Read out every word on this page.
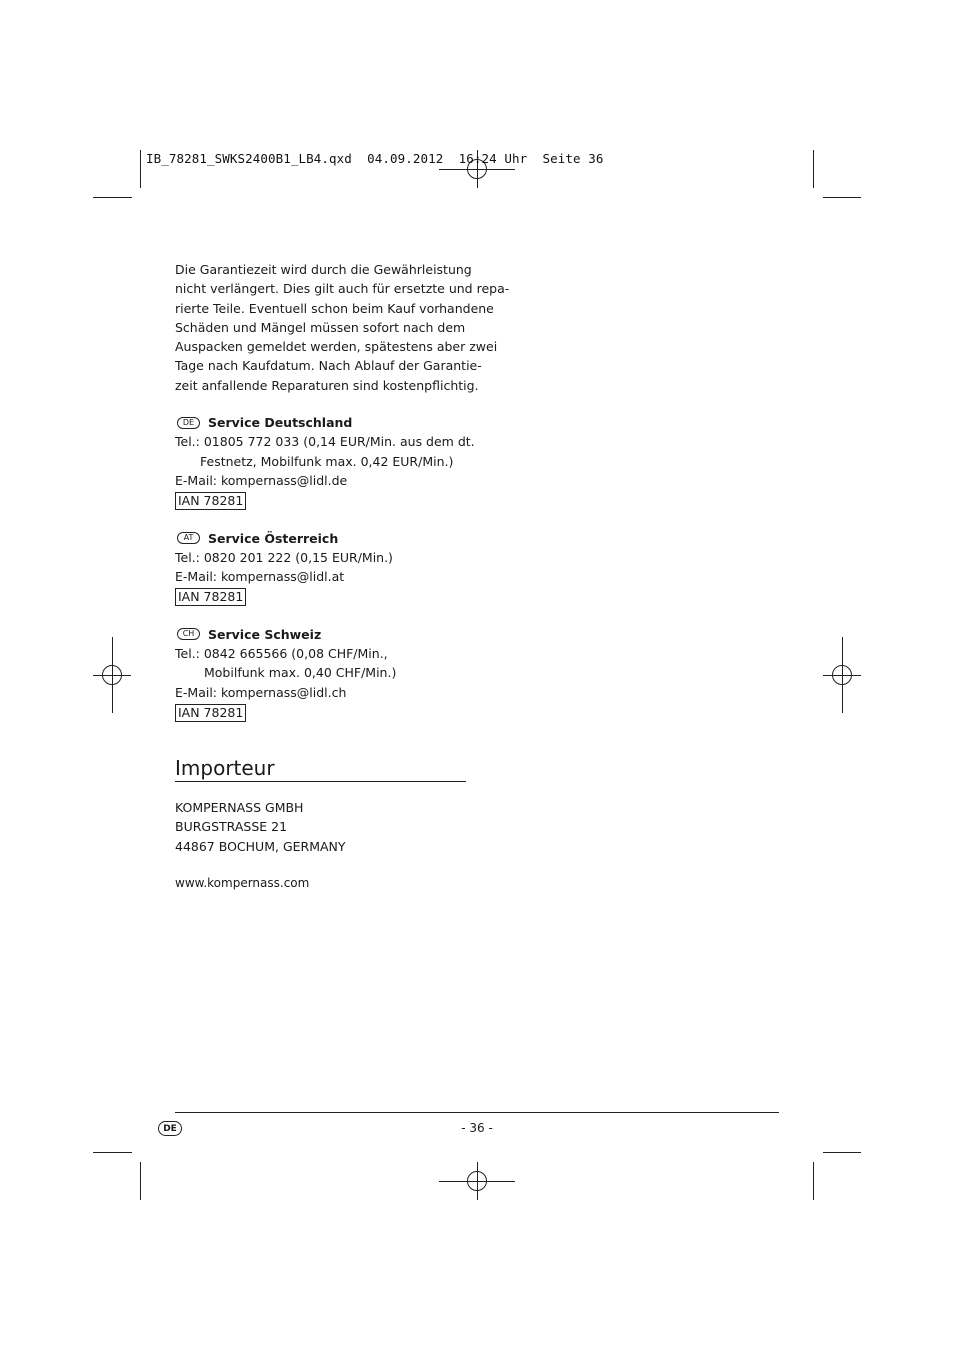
IB_78281_SWKS2400B1_LB4.qxd  04.09.2012  16:24 Uhr  Seite 36

Die Garantiezeit wird durch die Gewährleistung
nicht verlängert. Dies gilt auch für ersetzte und repa-
rierte Teile. Eventuell schon beim Kauf vorhandene
Schäden und Mängel müssen sofort nach dem
Auspacken gemeldet werden, spätestens aber zwei
Tage nach Kaufdatum. Nach Ablauf der Garantie-
zeit anfallende Reparaturen sind kostenpflichtig.

DE	Service Deutschland
Tel.: 01805 772 033 (0,14 EUR/Min. aus dem dt.
Festnetz, Mobilfunk max. 0,42 EUR/Min.)
E-Mail: kompernass@lidl.de
IAN 78281
AT	Service Österreich
Tel.: 0820 201 222 (0,15 EUR/Min.)
E-Mail: kompernass@lidl.at
IAN 78281
CH	Service Schweiz
Tel.: 0842 665566 (0,08 CHF/Min.,
Mobilfunk max. 0,40 CHF/Min.)
E-Mail: kompernass@lidl.ch
IAN 78281
Importeur
KOMPERNASS GMBH
BURGSTRASSE 21
44867 BOCHUM, GERMANY
www.kompernass.com
DE	- 36 -
